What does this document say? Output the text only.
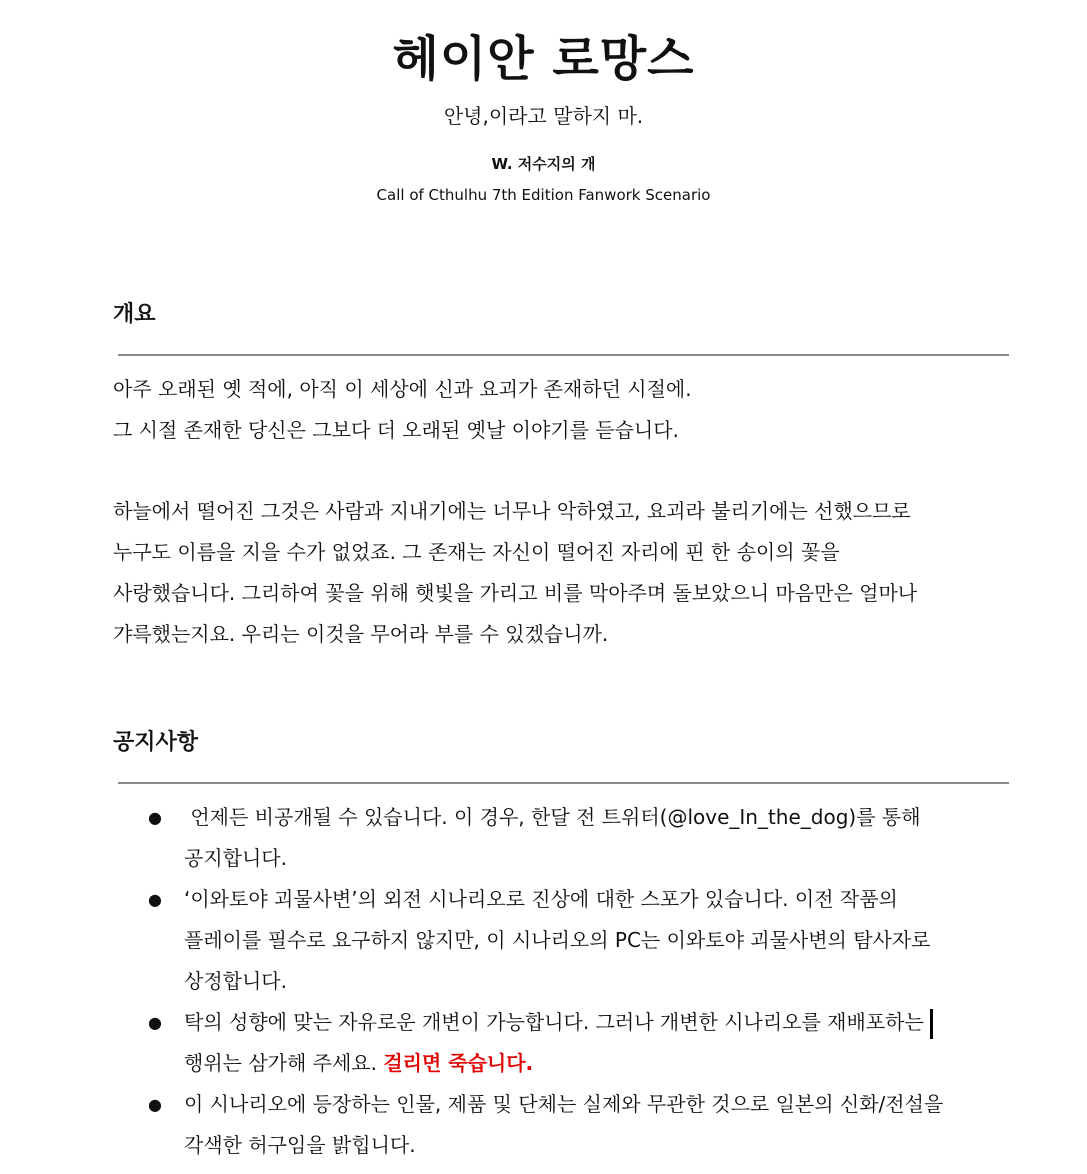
헤이안 로망스
안녕,이라고 말하지 마.
W. 저수지의 개
Call of Cthulhu 7th Edition Fanwork Scenario
개요

아주 오래된 옛 적에, 아직 이 세상에 신과 요괴가 존재하던 시절에.
그 시절 존재한 당신은 그보다 더 오래된 옛날 이야기를 듣습니다.

하늘에서 떨어진 그것은 사람과 지내기에는 너무나 악하였고, 요괴라 불리기에는 선했으므로
누구도 이름을 지을 수가 없었죠. 그 존재는 자신이 떨어진 자리에 핀 한 송이의 꽃을
사랑했습니다. 그리하여 꽃을 위해 햇빛을 가리고 비를 막아주며 돌보았으니 마음만은 얼마나
갸륵했는지요. 우리는 이것을 무어라 부를 수 있겠습니까.

공지사항
● 언제든 비공개될 수 있습니다. 이 경우, 한달 전 트위터(@love_In_the_dog)를 통해
공지합니다.
● ‘이와토야 괴물사변’의 외전 시나리오로 진상에 대한 스포가 있습니다. 이전 작품의
플레이를 필수로 요구하지 않지만, 이 시나리오의 PC는 이와토야 괴물사변의 탐사자로
상정합니다.
● 탁의 성향에 맞는 자유로운 개변이 가능합니다. 그러나 개변한 시나리오를 재배포하는
행위는 삼가해 주세요. 걸리면 죽습니다.
● 이 시나리오에 등장하는 인물, 제품 및 단체는 실제와 무관한 것으로 일본의 신화/전설을
각색한 허구임을 밝힙니다.
